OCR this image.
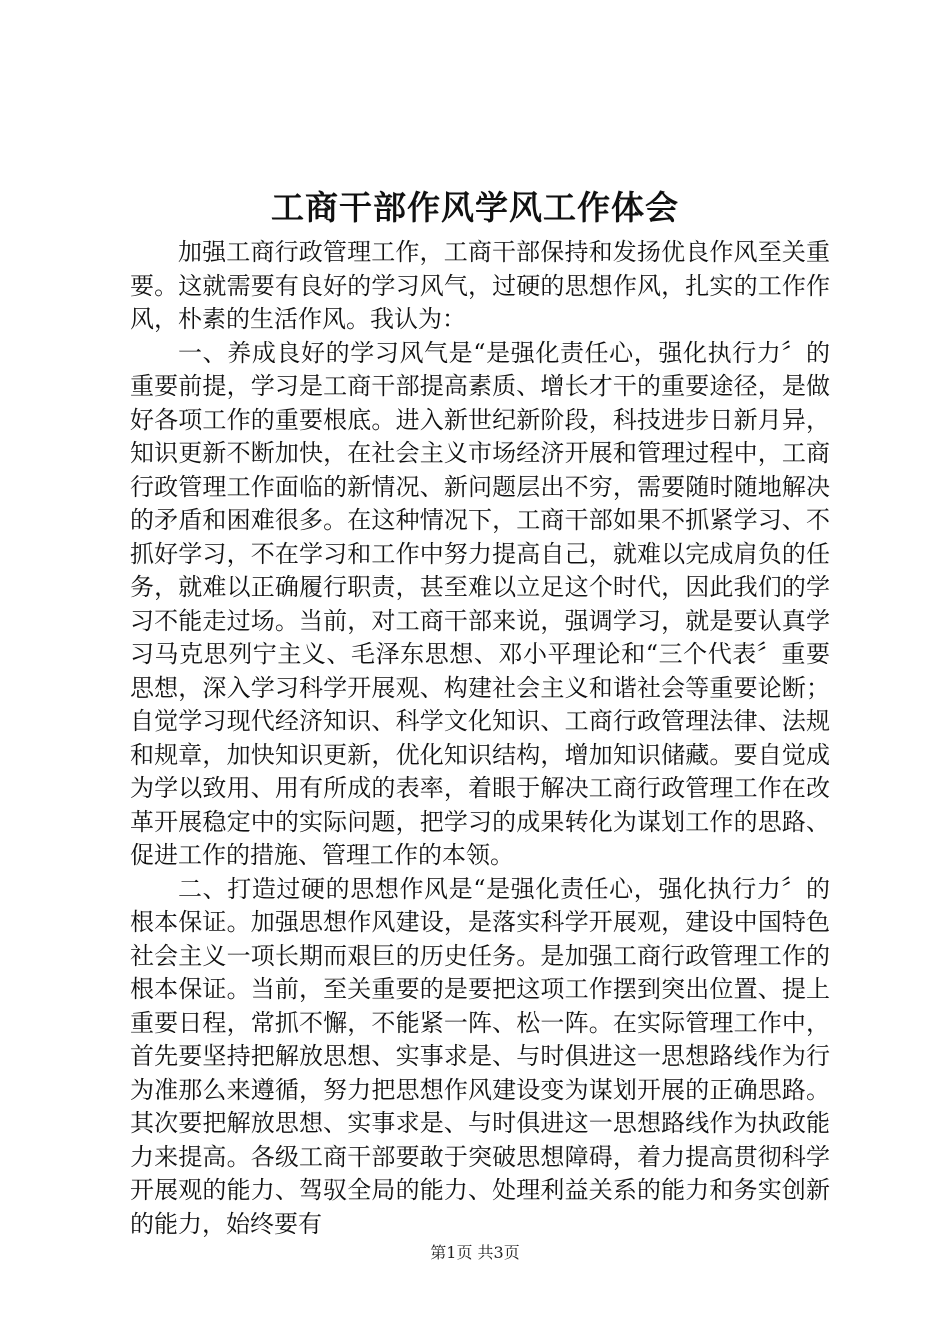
工商干部作风学风工作体会

加强工商行政管理工作，工商干部保持和发扬优良作风至关重要。这就需要有良好的学习风气，过硬的思想作风，扎实的工作作风，朴素的生活作风。我认为：

一、养成良好的学习风气是“是强化责任心，强化执行力〞的重要前提，学习是工商干部提高素质、增长才干的重要途径，是做好各项工作的重要根底。进入新世纪新阶段，科技进步日新月异，知识更新不断加快，在社会主义市场经济开展和管理过程中，工商行政管理工作面临的新情况、新问题层出不穷，需要随时随地解决的矛盾和困难很多。在这种情况下，工商干部如果不抓紧学习、不抓好学习，不在学习和工作中努力提高自己，就难以完成肩负的任务，就难以正确履行职责，甚至难以立足这个时代，因此我们的学习不能走过场。当前，对工商干部来说，强调学习，就是要认真学习马克思列宁主义、毛泽东思想、邓小平理论和“三个代表〞重要思想，深入学习科学开展观、构建社会主义和谐社会等重要论断；自觉学习现代经济知识、科学文化知识、工商行政管理法律、法规和规章，加快知识更新，优化知识结构，增加知识储藏。要自觉成为学以致用、用有所成的表率，着眼于解决工商行政管理工作在改革开展稳定中的实际问题，把学习的成果转化为谋划工作的思路、促进工作的措施、管理工作的本领。

二、打造过硬的思想作风是“是强化责任心，强化执行力〞的根本保证。加强思想作风建设，是落实科学开展观，建设中国特色社会主义一项长期而艰巨的历史任务。是加强工商行政管理工作的根本保证。当前，至关重要的是要把这项工作摆到突出位置、提上重要日程，常抓不懈，不能紧一阵、松一阵。在实际管理工作中，首先要坚持把解放思想、实事求是、与时俱进这一思想路线作为行为准那么来遵循，努力把思想作风建设变为谋划开展的正确思路。其次要把解放思想、实事求是、与时俱进这一思想路线作为执政能力来提高。各级工商干部要敢于突破思想障碍，着力提高贯彻科学开展观的能力、驾驭全局的能力、处理利益关系的能力和务实创新的能力，始终要有

第1页 共3页
